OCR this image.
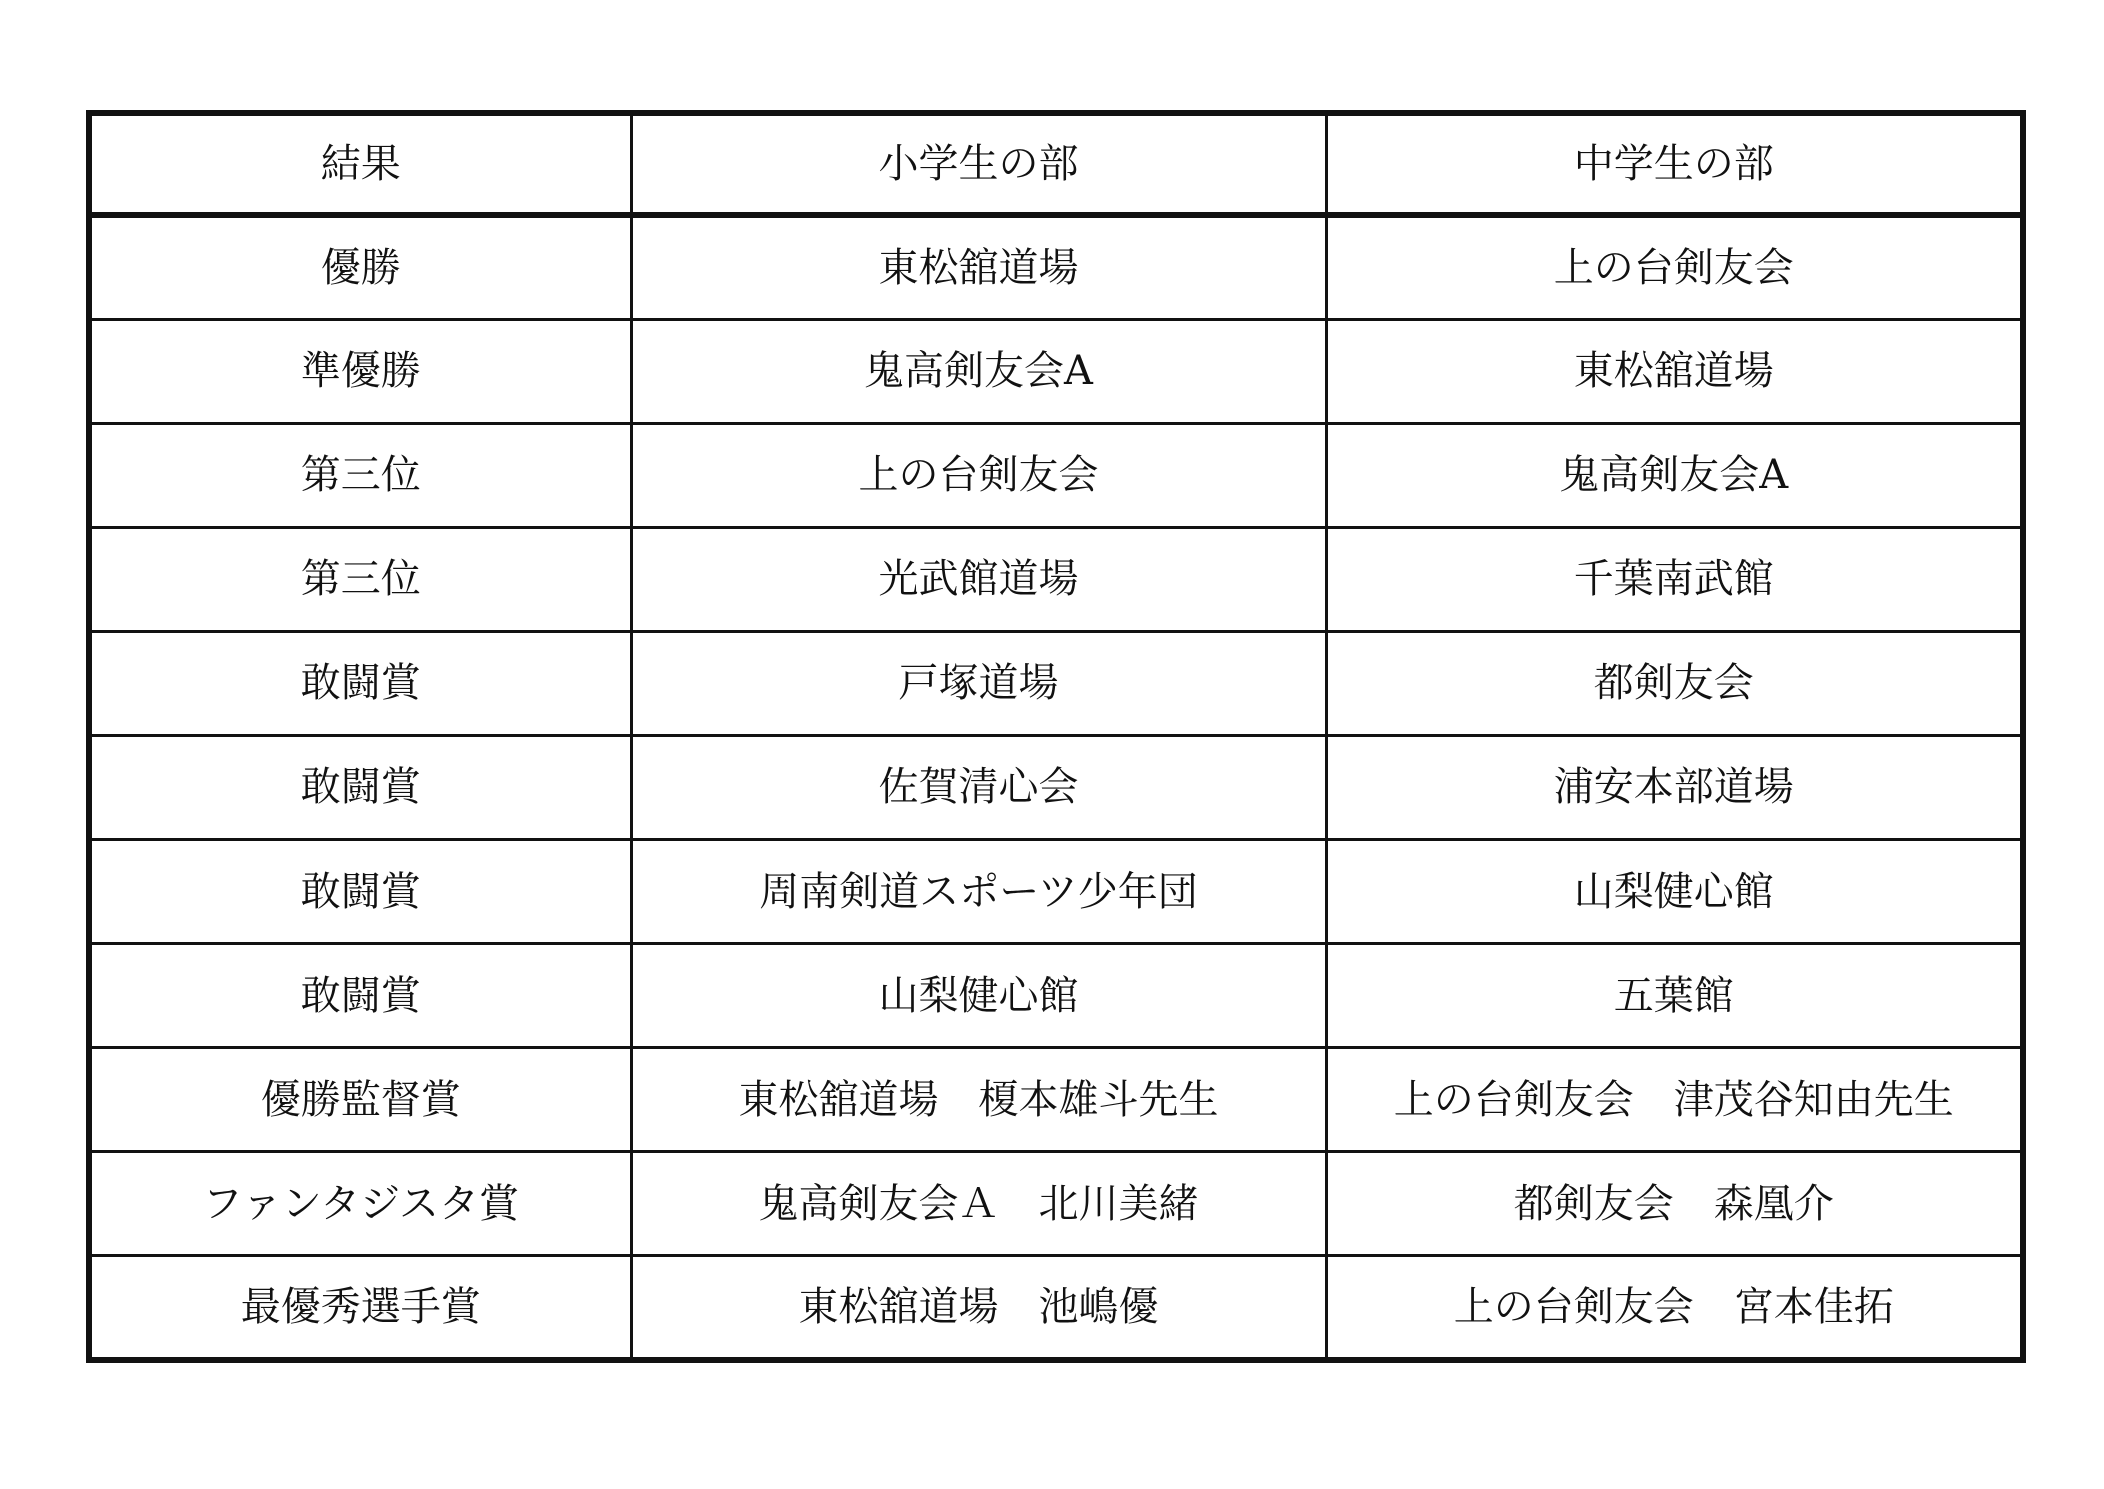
結果	小学生の部	中学生の部
優勝	東松舘道場	上の台剣友会
準優勝	鬼高剣友会A	東松舘道場
第三位	上の台剣友会	鬼高剣友会A
第三位	光武館道場	千葉南武館
敢闘賞	戸塚道場	都剣友会
敢闘賞	佐賀清心会	浦安本部道場
敢闘賞	周南剣道スポーツ少年団	山梨健心館
敢闘賞	山梨健心館	五葉館
優勝監督賞	東松舘道場　榎本雄斗先生	上の台剣友会　津茂谷知由先生
ファンタジスタ賞	鬼高剣友会Ａ　北川美緒	都剣友会　森凰介
最優秀選手賞	東松舘道場　池嶋優	上の台剣友会　宮本佳拓
